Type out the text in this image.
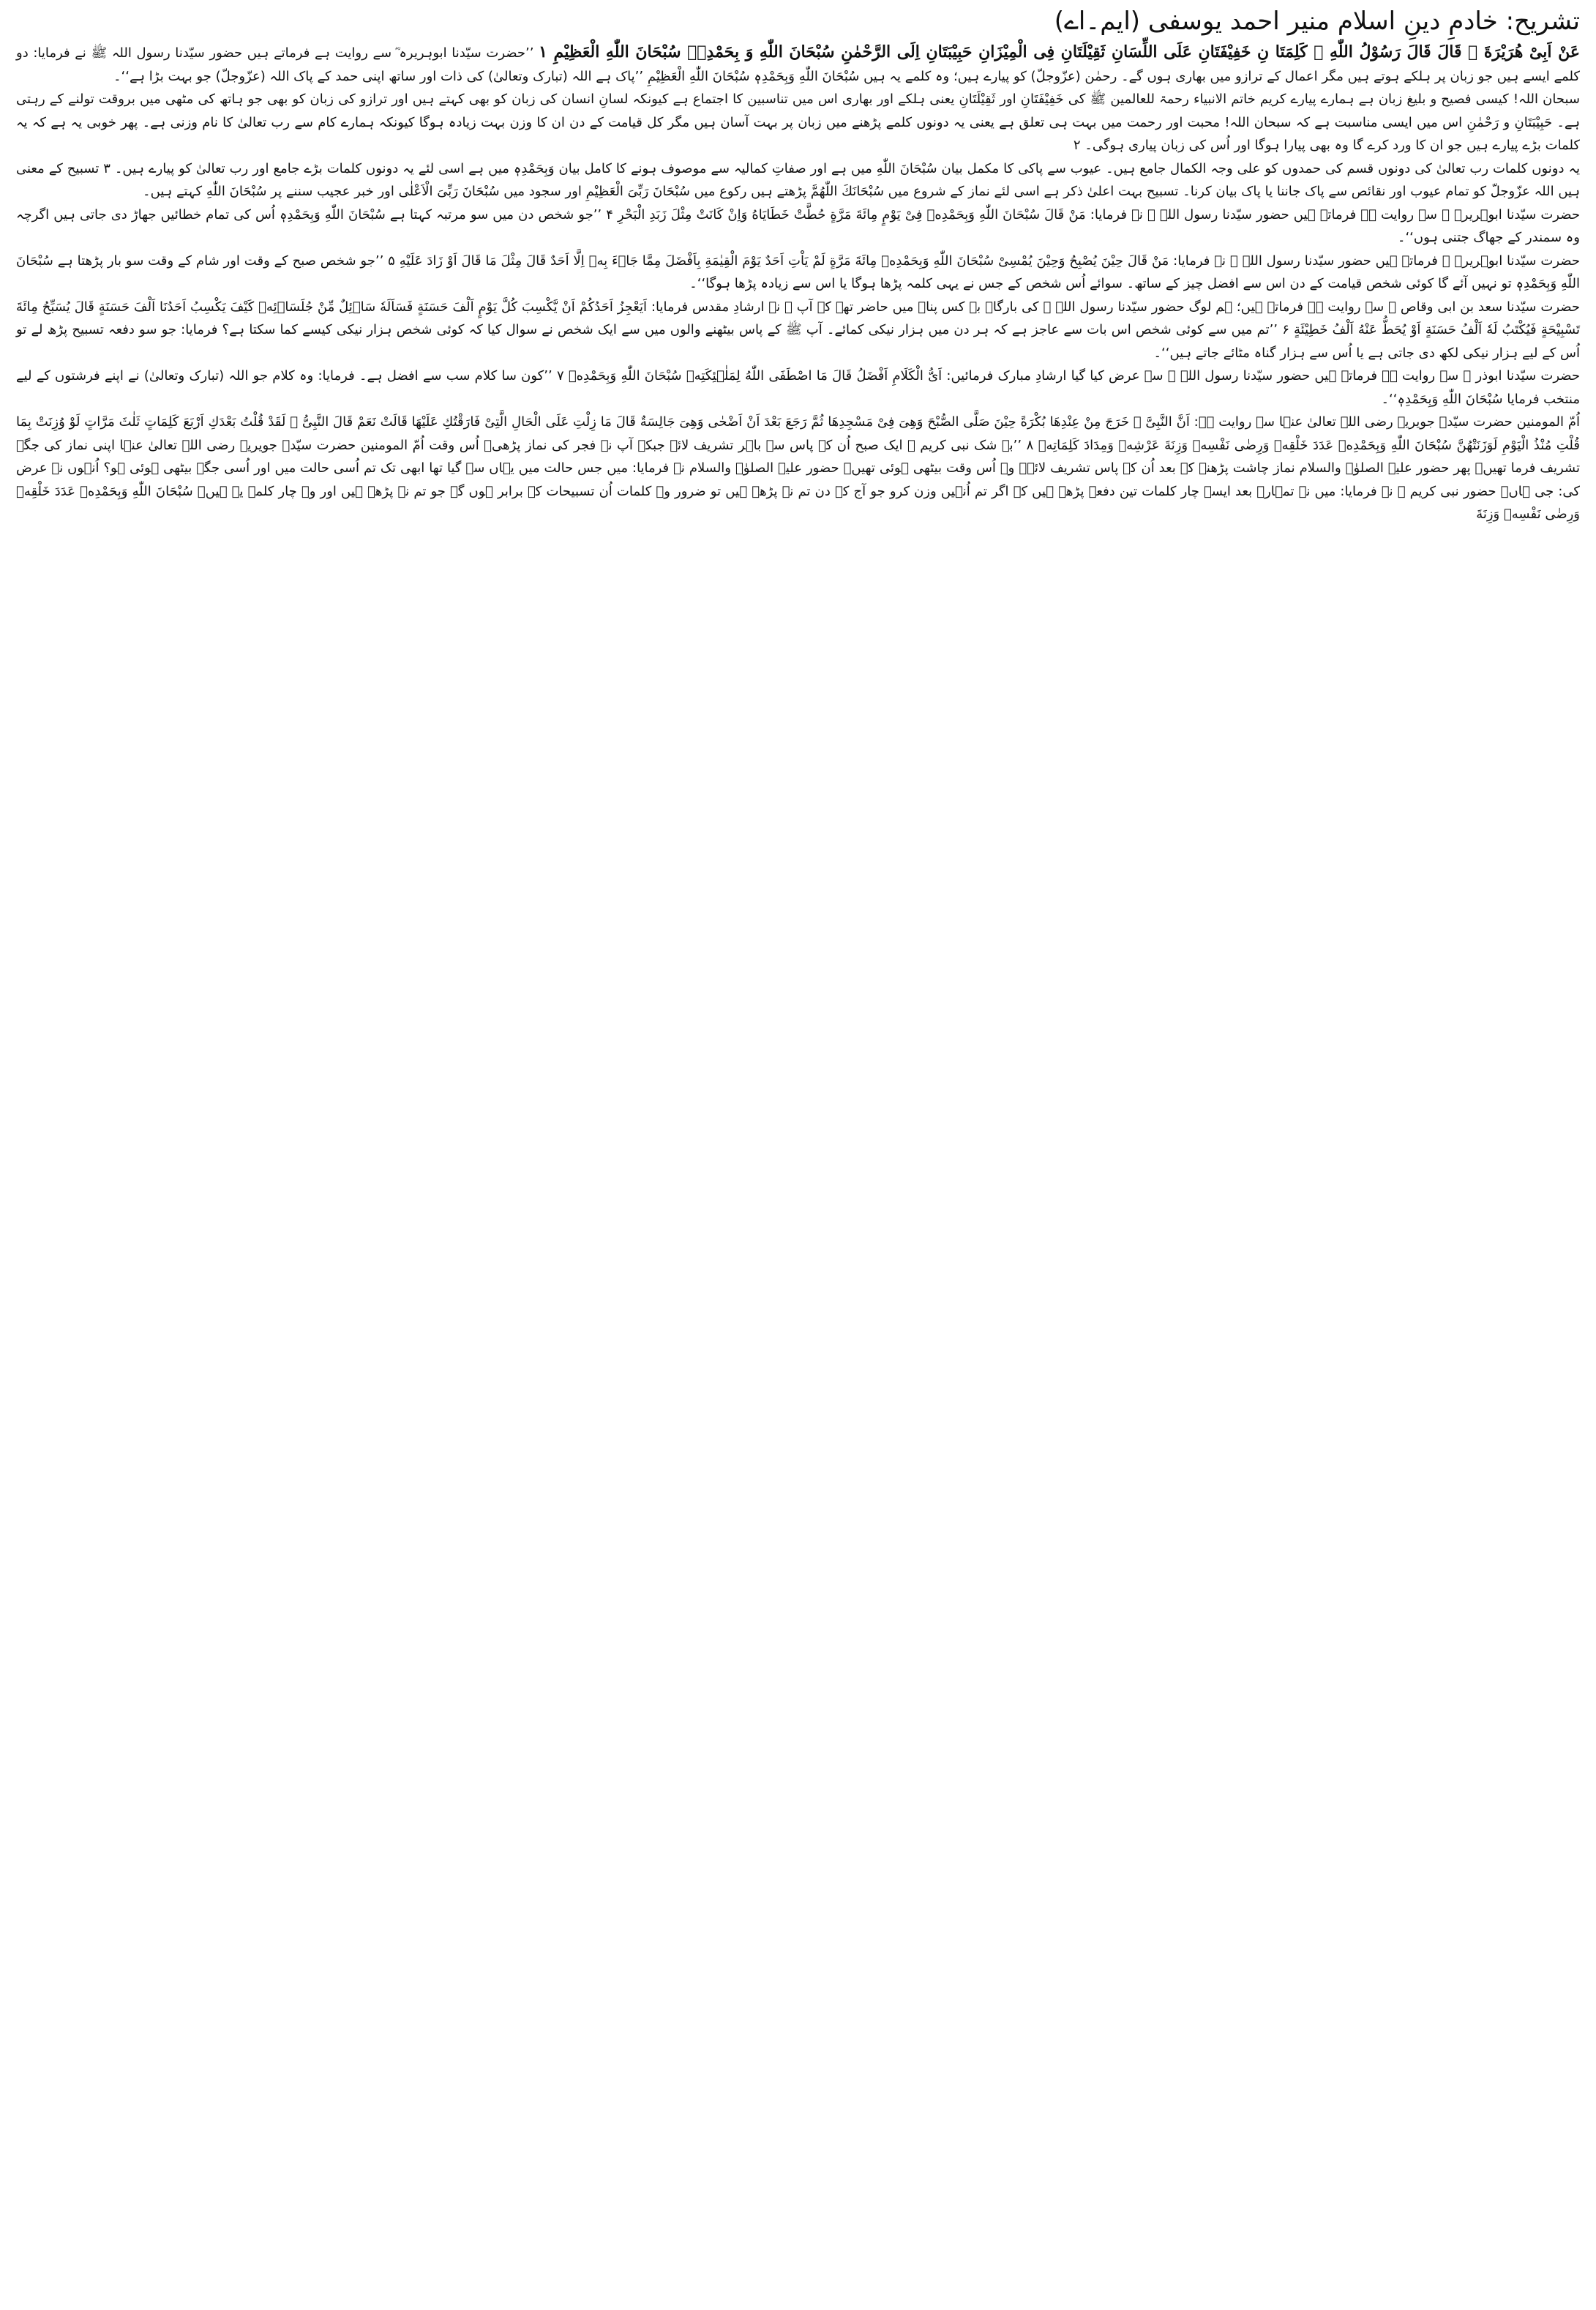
تشریح: خادمِ دینِ اسلام منیر احمد یوسفی (ایم۔اے)

عَنْ اَبِیْ هُرَیْرَةَ ؓ قَالَ قَالَ رَسُوْلُ اللّٰهِ ﷺ كَلِمَتَا نِ خَفِیْفَتَانِ عَلَى اللِّسَانِ ثَقِیْلَتَانِ فِی الْمِیْزَانِ حَبِیْبَتَانِ اِلَى الرَّحْمٰنِ سُبْحَانَ اللّٰهِ وَ بِحَمْدِهٖ سُبْحَانَ اللّٰهِ الْعَظِیْمِ ۱ ’’حضرت سیّدنا ابوہریرہ ؓ سے روایت ہے فرماتے ہیں حضور سیّدنا رسول اللہ ﷺ نے فرمایا: دو کلمے ایسے ہیں جو زبان پر ہلکے ہوتے ہیں مگر اعمال کے ترازو میں بھاری ہوں گے۔ رحمٰن (عزّوجلّ) کو پیارے ہیں؛ وہ کلمے یہ ہیں سُبْحَانَ اللّٰهِ وَبِحَمْدِهٖ سُبْحَانَ اللّٰهِ الْعَظِیْمِ ’’پاک ہے اللہ (تبارک وتعالیٰ) کی ذات اور ساتھ اپنی حمد کے پاک اللہ (عزّوجلّ) جو بہت بڑا ہے‘‘۔

سبحان اللہ! کیسی فصیح و بلیغ زبان ہے ہمارے پیارے کریم خاتم الانبیاء رحمۃ للعالمین ﷺ کی خَفِیْفَتَانِ اور ثَقِیْلَتَانِ یعنی ہلکے اور بھاری اس میں تناسبین کا اجتماع ہے کیونکہ لسانِ انسان کی زبان کو بھی کہتے ہیں اور ترازو کی زبان کو بھی جو ہاتھ کی مٹھی میں بروقت تولنے کے رہتی ہے۔ حَبِیْبَتَانِ و رَحْمٰنِ اس میں ایسی مناسبت ہے کہ سبحان اللہ! محبت اور رحمت میں بہت ہی تعلق ہے یعنی یہ دونوں کلمے پڑھنے میں زبان پر بہت آسان ہیں مگر کل قیامت کے دن ان کا وزن بہت زیادہ ہوگا کیونکہ ہمارے کام سے رب تعالیٰ کا نام وزنی ہے۔ پھر خوبی یہ ہے کہ یہ کلمات بڑے پیارے ہیں جو ان کا ورد کرے گا وہ بھی پیارا ہوگا اور اُس کی زبان پیاری ہوگی۔ ۲

یہ دونوں کلمات رب تعالیٰ کی دونوں قسم کی حمدوں کو علی وجہ الکمال جامع ہیں۔ عیوب سے پاکی کا مکمل بیان سُبْحَانَ اللّٰهِ میں ہے اور صفاتِ کمالیہ سے موصوف ہونے کا کامل بیان وَبِحَمْدِهٖ میں ہے اسی لئے یہ دونوں کلمات بڑے جامع اور رب تعالیٰ کو پیارے ہیں۔ ۳ تسبیح کے معنی ہیں اللہ عزّوجلّ کو تمام عیوب اور نقائص سے پاک جاننا یا پاک بیان کرنا۔ تسبیح بہت اعلیٰ ذکر ہے اسی لئے نماز کے شروع میں سُبْحَانَكَ اللّٰهُمَّ پڑھتے ہیں رکوع میں سُبْحَانَ رَبِّیَ الْعَظِیْمِ اور سجود میں سُبْحَانَ رَبِّیَ الْاَعْلٰی اور خبر عجیب سننے پر سُبْحَانَ اللّٰهِ کہتے ہیں۔

حضرت سیّدنا ابوہریرہ ؓ سے روایت ہے فرماتے ہیں حضور سیّدنا رسول اللہ ﷺ نے فرمایا: مَنْ قَالَ سُبْحَانَ اللّٰهِ وَبِحَمْدِهٖ فِیْ یَوْمٍ مِائَةَ مَرَّةٍ حُطَّتْ خَطَایَاهُ وَاِنْ كَانَتْ مِثْلَ زَبَدِ الْبَحْرِ ۴ ’’جو شخص دن میں سو مرتبہ کہتا ہے سُبْحَانَ اللّٰهِ وَبِحَمْدِهٖ اُس کی تمام خطائیں جھاڑ دی جاتی ہیں اگرچہ وہ سمندر کے جھاگ جتنی ہوں‘‘۔

حضرت سیّدنا ابوہریرہ ؓ فرماتے ہیں حضور سیّدنا رسول اللہ ﷺ نے فرمایا: مَنْ قَالَ حِیْنَ یُصْبِحُ وَحِیْنَ یُمْسِیْ سُبْحَانَ اللّٰهِ وَبِحَمْدِهٖ مِائَةَ مَرَّةٍ لَمْ یَاْتِ اَحَدٌ یَوْمَ الْقِیٰمَةِ بِاَفْضَلَ مِمَّا جَاۗءَ بِهٖ اِلَّا اَحَدٌ قَالَ مِثْلَ مَا قَالَ اَوْ زَادَ عَلَیْهِ ۵ ’’جو شخص صبح کے وقت اور شام کے وقت سو بار پڑھتا ہے سُبْحَانَ اللّٰهِ وَبِحَمْدِهٖ تو نہیں آئے گا کوئی شخص قیامت کے دن اس سے افضل چیز کے ساتھ۔ سوائے اُس شخص کے جس نے یہی کلمہ پڑھا ہوگا یا اس سے زیادہ پڑھا ہوگا‘‘۔

حضرت سیّدنا سعد بن ابی وقاص ؓ سے روایت ہے فرماتے ہیں؛ ہم لوگ حضور سیّدنا رسول اللہ ﷺ کی بارگاہ بے کس پناہ میں حاضر تھے کہ آپ ﷺ نے ارشادِ مقدس فرمایا: اَیَعْجِزُ اَحَدُكُمْ اَنْ یَّكْسِبَ كُلَّ یَوْمٍ اَلْفَ حَسَنَةٍ فَسَاَلَهٗ سَاۗئِلٌ مِّنْ جُلَسَاۗئِهٖ كَیْفَ یَكْسِبُ اَحَدُنَا اَلْفَ حَسَنَةٍ قَالَ یُسَبِّحُ مِائَةَ تَسْبِیْحَةٍ فَیُكْتَبُ لَهٗ اَلْفُ حَسَنَةٍ اَوْ یُحَطُّ عَنْهُ اَلْفُ خَطِیْئَةٍ ۶ ’’تم میں سے کوئی شخص اس بات سے عاجز ہے کہ ہر دن میں ہزار نیکی کمائے۔ آپ ﷺ کے پاس بیٹھنے والوں میں سے ایک شخص نے سوال کیا کہ کوئی شخص ہزار نیکی کیسے کما سکتا ہے؟ فرمایا: جو سو دفعہ تسبیح پڑھ لے تو اُس کے لیے ہزار نیکی لکھ دی جاتی ہے یا اُس سے ہزار گناہ مٹائے جاتے ہیں‘‘۔

حضرت سیّدنا ابوذر ؓ سے روایت ہے فرماتے ہیں حضور سیّدنا رسول اللہ ﷺ سے عرض کیا گیا ارشادِ مبارک فرمائیں: اَیُّ الْكَلَامِ اَفْضَلُ قَالَ مَا اصْطَفَى اللّٰهُ لِمَلٰۗئِكَتِهٖ سُبْحَانَ اللّٰهِ وَبِحَمْدِهٖ ۷ ’’کون سا کلام سب سے افضل ہے۔ فرمایا: وہ کلام جو اللہ (تبارک وتعالیٰ) نے اپنے فرشتوں کے لیے منتخب فرمایا سُبْحَانَ اللّٰهِ وَبِحَمْدِهٖ‘‘۔

اُمّ المومنین حضرت سیّدہ جویریہ رضی اللہ تعالیٰ عنہا سے روایت ہے: اَنَّ النَّبِیَّ ﷺ خَرَجَ مِنْ عِنْدِهَا بُكْرَةً حِیْنَ صَلَّى الصُّبْحَ وَهِیَ فِیْ مَسْجِدِهَا ثُمَّ رَجَعَ بَعْدَ اَنْ اَضْحٰی وَهِیَ جَالِسَةٌ قَالَ مَا زِلْتِ عَلَى الْحَالِ الَّتِیْ فَارَقْتُكِ عَلَیْهَا قَالَتْ نَعَمْ قَالَ النَّبِیُّ ﷺ لَقَدْ قُلْتُ بَعْدَكِ اَرْبَعَ كَلِمَاتٍ ثَلٰثَ مَرَّاتٍ لَوْ وُزِنَتْ بِمَا قُلْتِ مُنْذُ الْیَوْمِ لَوَزَنَتْهُنَّ سُبْحَانَ اللّٰهِ وَبِحَمْدِهٖ عَدَدَ خَلْقِهٖ وَرِضٰى نَفْسِهٖ وَزِنَةَ عَرْشِهٖ وَمِدَادَ كَلِمَاتِهٖ ۸ ’’بے شک نبی کریم ﷺ ایک صبح اُن کے پاس سے باہر تشریف لائے جبکہ آپ نے فجر کی نماز پڑھی۔ اُس وقت اُمّ المومنین حضرت سیّدہ جویریہ رضی اللہ تعالیٰ عنہا اپنی نماز کی جگہ تشریف فرما تھیں۔ پھر حضور علیہ الصلوٰۃ والسلام نماز چاشت پڑھنے کے بعد اُن کے پاس تشریف لائے۔ وہ اُس وقت بیٹھی ہوئی تھیں۔ حضور علیہ الصلوٰۃ والسلام نے فرمایا: میں جس حالت میں یہاں سے گیا تھا ابھی تک تم اُسی حالت میں اور اُسی جگہ بیٹھی ہوئی ہو؟ اُنہوں نے عرض کی: جی ہاں۔ حضور نبی کریم ﷺ نے فرمایا: میں نے تمہارے بعد ایسے چار کلمات تین دفعہ پڑھے ہیں کہ اگر تم اُنہیں وزن کرو جو آج کے دن تم نے پڑھے ہیں تو ضرور وہ کلمات اُن تسبیحات کے برابر ہوں گے جو تم نے پڑھے ہیں اور وہ چار کلمے یہ ہیں۔ سُبْحَانَ اللّٰهِ وَبِحَمْدِهٖ عَدَدَ خَلْقِهٖ وَرِضٰى نَفْسِهٖ وَزِنَةَ
